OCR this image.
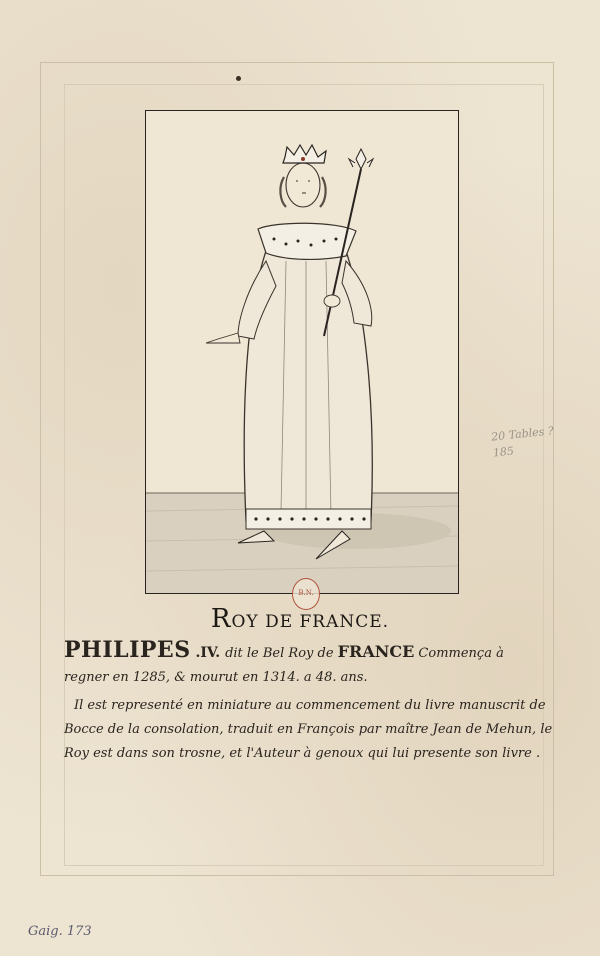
B.N.
ROY DE FRANCE.

PHILIPES .IV. dit le Bel Roy de FRANCE Commença à
regner en 1285, & mourut en 1314. a 48. ans.

Il est representé en miniature au commencement du livre manuscrit de Bocce de la consolation, traduit en François par maître Jean de Mehun, le Roy est dans son trosne, et l'Auteur à genoux qui lui presente son livre .

20 Tables ? 185
Gaig. 173
